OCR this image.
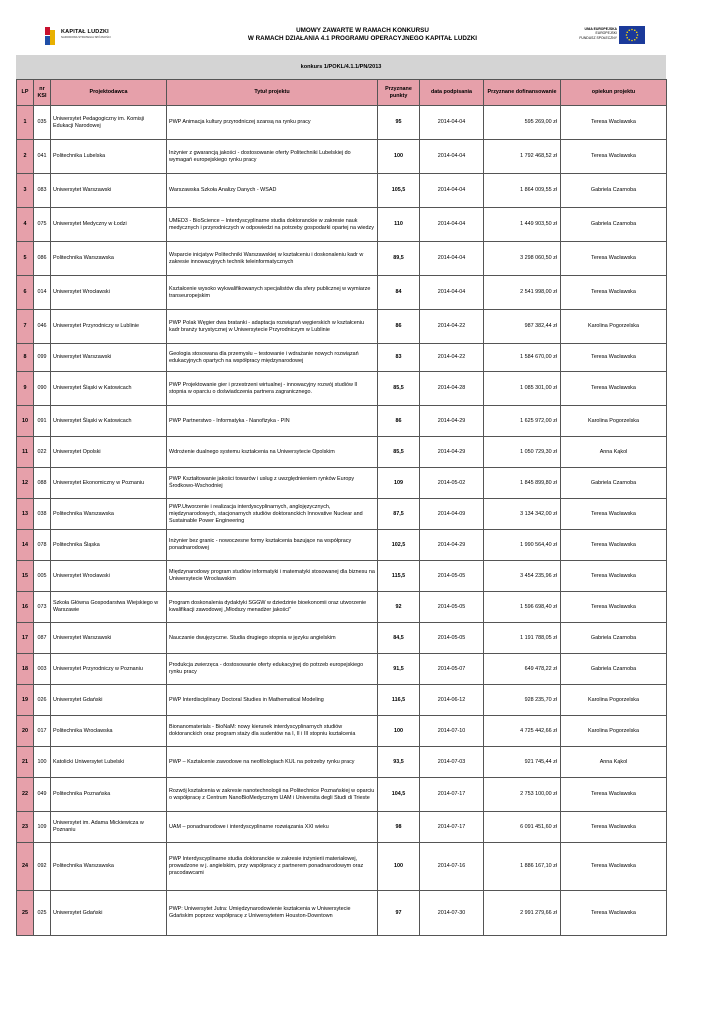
KAPITAŁ LUDZKI
NARODOWA STRATEGIA SPÓJNOŚCI
UMOWY ZAWARTE W RAMACH KONKURSU
W RAMACH DZIAŁANIA 4.1 PROGRAMU OPERACYJNEGO KAPITAŁ LUDZKI
UNIA EUROPEJSKA
EUROPEJSKI
FUNDUSZ SPOŁECZNY
konkurs 1/POKL/4.1.1/PN/2013
LP	nr KSI	Projektodawca	Tytuł projektu	Przyznane punkty	data podpisania	Przyznane dofinansowanie	opiekun projektu
1	035	Uniwersytet Pedagogiczny im. Komisji Edukacji Narodowej	PWP Animacja kultury przyrodniczej szansą na rynku pracy	95	2014-04-04	595 269,00 zł	Teresa Wacławska
2	041	Politechnika Lubelska	Inżynier z gwarancją jakości - dostosowanie oferty Politechniki Lubelskiej do wymagań europejskiego rynku pracy	100	2014-04-04	1 792 468,52 zł	Teresa Wacławska
3	083	Uniwersytet Warszawski	Warszawska Szkoła Analizy Danych - WSAD	105,5	2014-04-04	1 864 009,55 zł	Gabriela Czarnoba
4	075	Uniwersytet Medyczny w Łodzi	UMED3 - BioScience – Interdyscyplinarne studia doktoranckie w zakresie nauk medycznych i przyrodniczych w odpowiedzi na potrzeby gospodarki opartej na wiedzy	110	2014-04-04	1 449 903,50 zł	Gabriela Czarnoba
5	086	Politechnika Warszawska	Wsparcie inicjatyw Politechniki Warszawskiej w kształceniu i doskonaleniu kadr w zakresie innowacyjnych technik teleinformatycznych	89,5	2014-04-04	3 298 060,50 zł	Teresa Wacławska
6	014	Uniwersytet Wrocławski	Kształcenie wysoko wykwalifikowanych specjalistów dla sfery publicznej w wymiarze transeuropejskim	84	2014-04-04	2 541 998,00 zł	Teresa Wacławska
7	046	Uniwersytet Przyrodniczy w Lublinie	PWP Polak Węgier dwa bratanki - adaptacja rozwiązań węgierskich w kształceniu kadr branży turystycznej w Uniwersytecie Przyrodniczym w Lublinie	86	2014-04-22	987 382,44 zł	Karolina Pogorzelska
8	099	Uniwersytet Warszawski	Geologia stosowana dla przemysłu – testowanie i wdrażanie nowych rozwiązań edukacyjnych opartych na współpracy międzynarodowej	83	2014-04-22	1 584 670,00 zł	Teresa Wacławska
9	090	Uniwersytet Śląski w Katowicach	PWP Projektowanie gier i przestrzeni wirtualnej - innowacyjny rozwój studiów II stopnia w oparciu o doświadczenia partnera zagranicznego.	85,5	2014-04-28	1 085 301,00 zł	Teresa Wacławska
10	091	Uniwersytet Śląski w Katowicach	PWP Partnerstwo - Informatyka - Nanofizyka - PIN	86	2014-04-29	1 625 972,00 zł	Karolina Pogorzelska
11	022	Uniwersytet Opolski	Wdrożenie dualnego systemu kształcenia na Uniwersytecie Opolskim	85,5	2014-04-29	1 050 729,30 zł	Anna Kąkol
12	088	Uniwersytet Ekonomiczny w Poznaniu	PWP Kształtowanie jakości towarów i usług z uwzględnieniem rynków Europy Środkowo-Wschodniej	109	2014-05-02	1 845 899,80 zł	Gabriela Czarnoba
13	038	Politechnika Warszawska	PWP.Utworzenie i realizacja interdyscyplinarnych, anglojęzycznych, międzynarodowych, stacjonarnych studiów doktoranckich Innovative Nuclear and Sustainable Power Engineering	87,5	2014-04-09	3 134 342,00 zł	Teresa Wacławska
14	078	Politechnika Śląska	Inżynier bez granic - nowoczesne formy kształcenia bazujące na współpracy ponadnarodowej	102,5	2014-04-29	1 990 564,40 zł	Teresa Wacławska
15	005	Uniwersytet Wrocławski	Międzynarodowy program studiów informatyki i matematyki stosowanej dla biznesu na Uniwersytecie Wrocławskim	115,5	2014-05-05	3 454 235,96 zł	Teresa Wacławska
16	073	Szkoła Główna Gospodarstwa Wiejskiego w Warszawie	Program doskonalenia dydaktyki SGGW w dziedzinie bioekonomii oraz utworzenie kwalifikacji zawodowej „Młodszy menadżer jakości”	92	2014-05-05	1 596 698,40 zł	Teresa Wacławska
17	087	Uniwersytet Warszawski	Nauczanie dwujęzyczne. Studia drugiego stopnia w języku angielskim	84,5	2014-05-05	1 191 788,05 zł	Gabriela Czarnoba
18	003	Uniwersytet Przyrodniczy w Poznaniu	Produkcja zwierzęca - dostosowanie oferty edukacyjnej do potrzeb europejskiego rynku pracy	91,5	2014-05-07	649 478,22 zł	Gabriela Czarnoba
19	026	Uniwersytet Gdański	PWP Interdisciplinary Doctoral Studies in Mathematical Modeling	116,5	2014-06-12	928 235,70 zł	Karolina Pogorzelska
20	017	Politechnika Wrocławska	Bionanomaterials - BioNaM: nowy kierunek interdyscyplinarnych studiów doktoranckich oraz program staży dla sudentów na I, II i III stopniu kształcenia	100	2014-07-10	4 725 442,66 zł	Karolina Pogorzelska
21	100	Katolicki Uniwersytet Lubelski	PWP – Kształcenie zawodowe na neofilologiach KUL na potrzeby rynku pracy	93,5	2014-07-03	921 745,44 zł	Anna Kąkol
22	049	Politechnika Poznańska	Rozwój kształcenia w zakresie nanotechnologii na Politechnice Poznańskiej w oparciu o współpracę z Centrum NanoBioMedycznym UAM i Universita degli Studi di Trieste	104,5	2014-07-17	2 753 100,00 zł	Teresa Wacławska
23	109	Uniwersytet im. Adama Mickiewicza w Poznaniu	UAM – ponadnarodowe i interdyscyplinarne rozwiązania XXI wieku	98	2014-07-17	6 091 451,60 zł	Teresa Wacławska
24	092	Politechnika Warszawska	PWP Interdyscyplinarne studia doktoranckie w zakresie inżynierii materiałowej, prowadzone w j. angielskim, przy współpracy z partnerem ponadnarodowym oraz pracodawcami	100	2014-07-16	1 886 167,10 zł	Teresa Wacławska
25	025	Uniwersytet Gdański	PWP: Uniwersytet Jutra: Umiędzynarodowienie kształcenia w Uniwersytecie Gdańskim poprzez współpracę z Uniwersytetem Houston-Downtown	97	2014-07-30	2 991 279,66 zł	Teresa Wacławska
